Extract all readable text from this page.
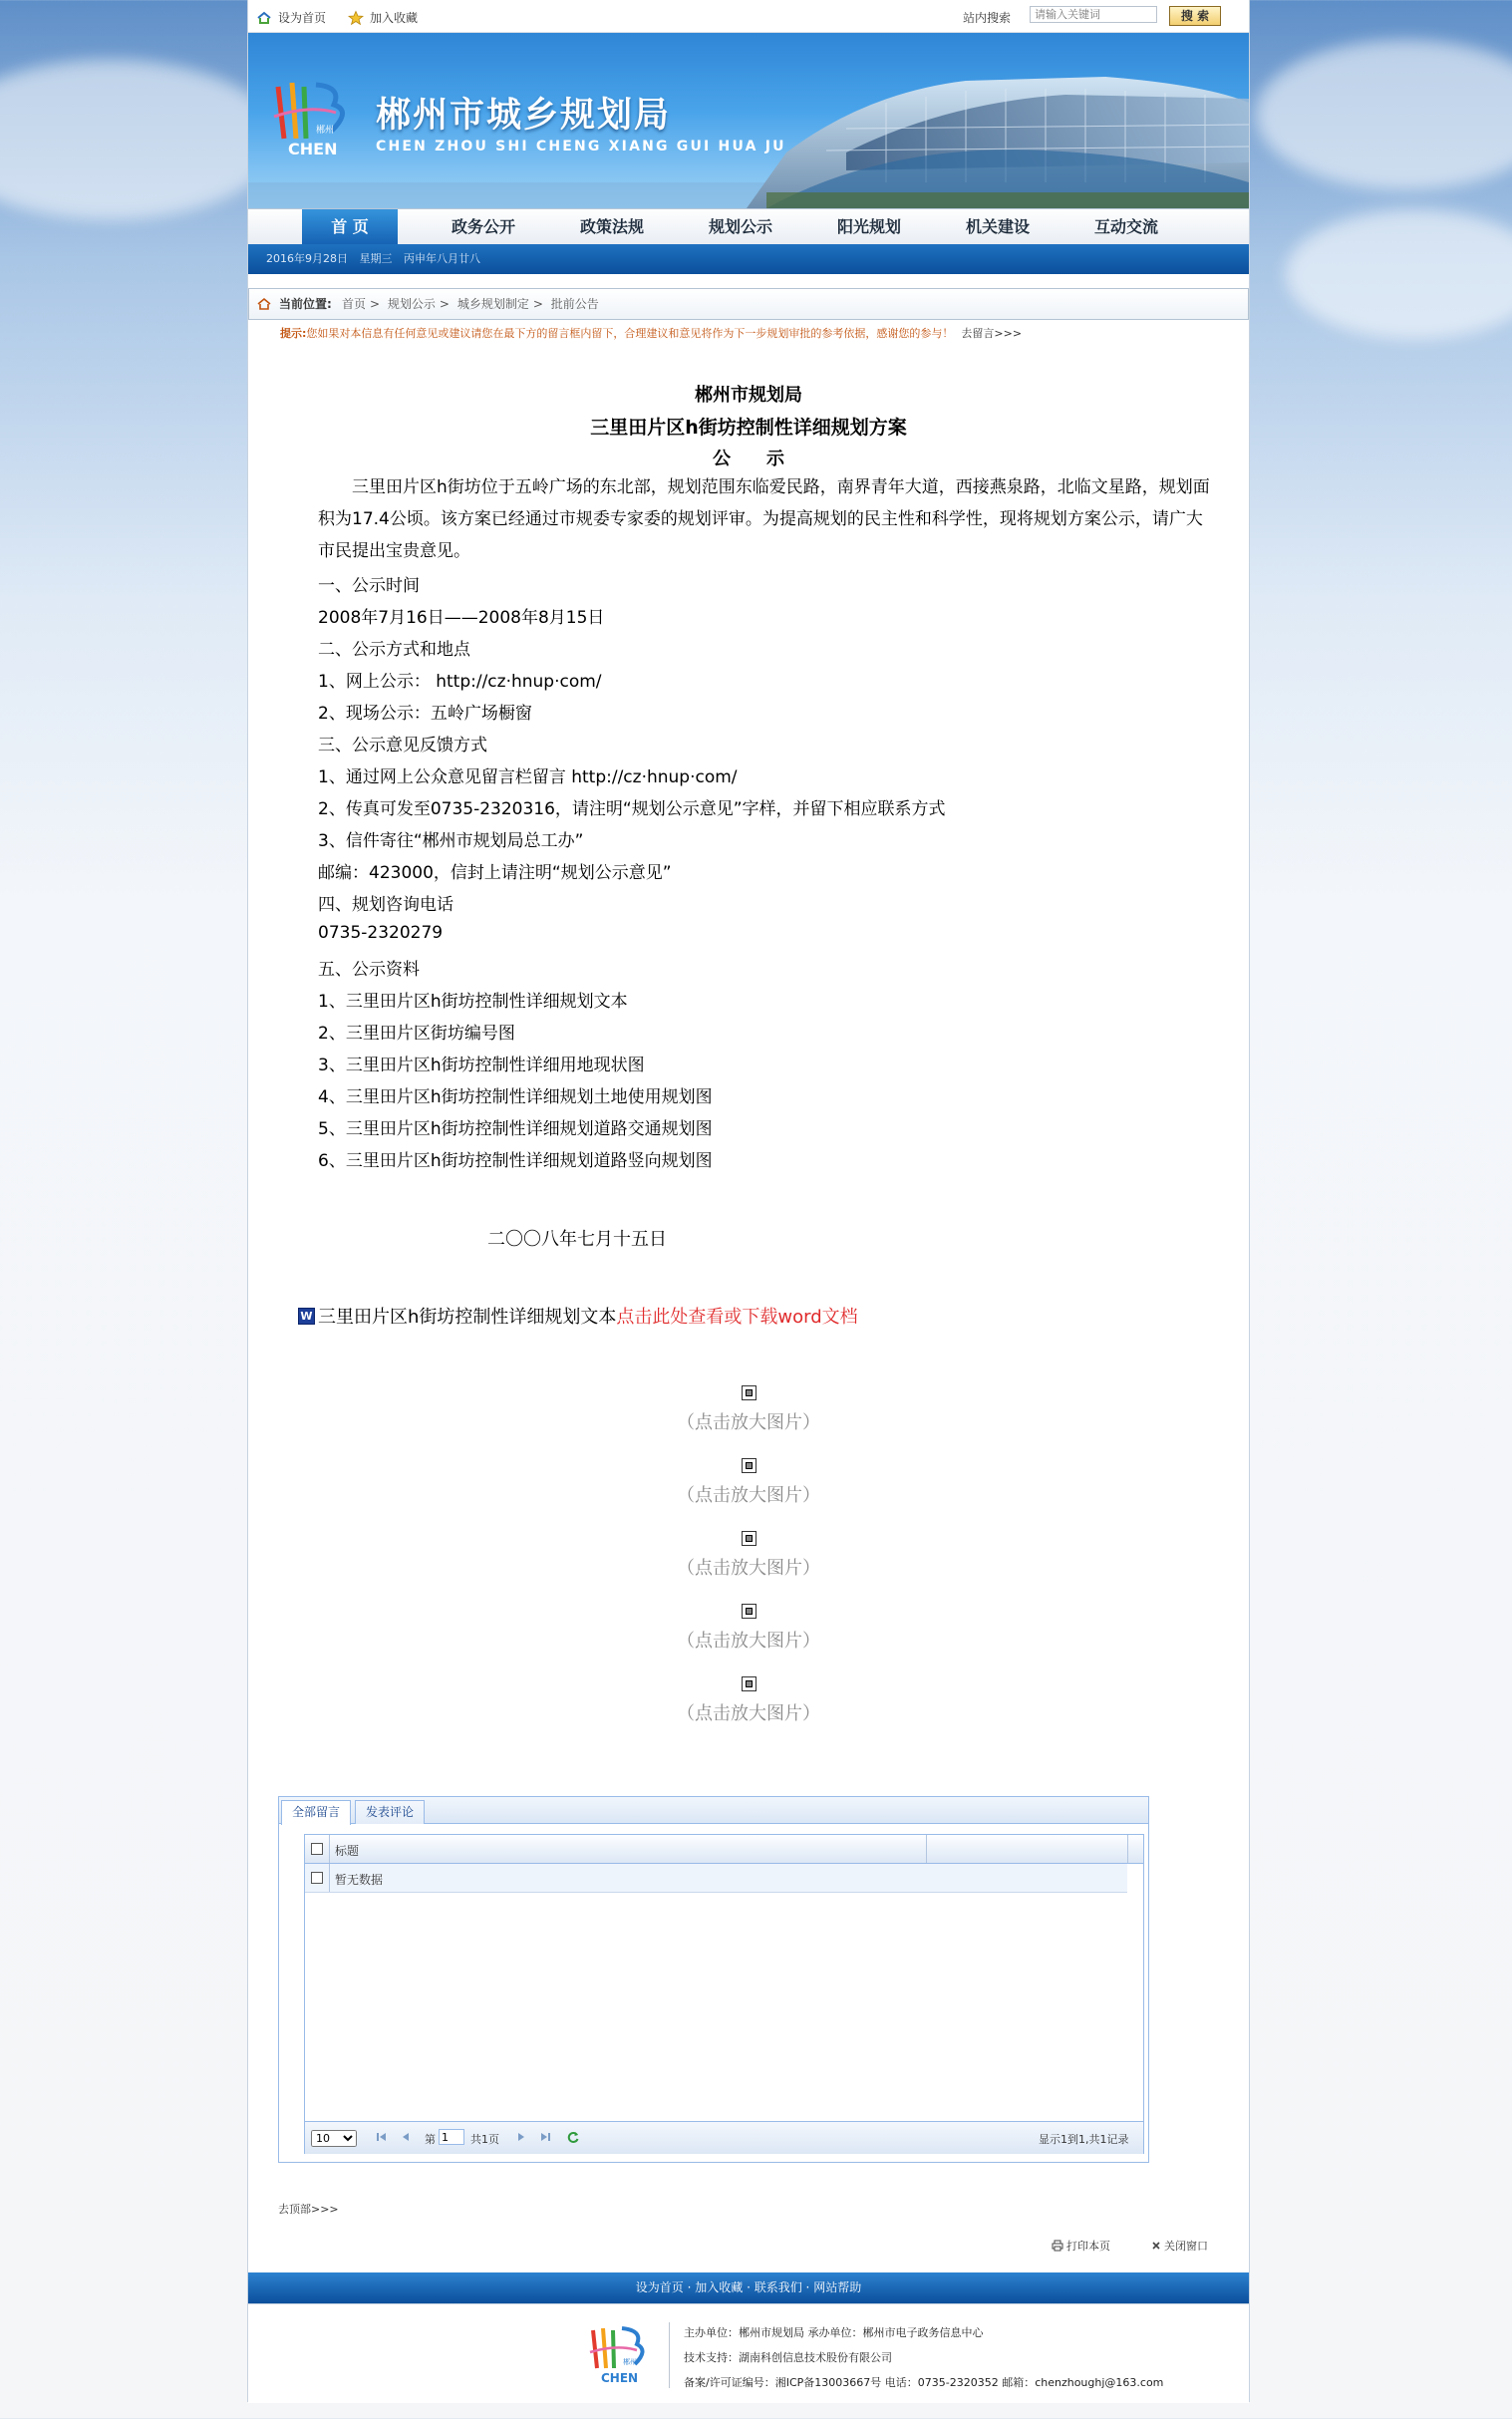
设为首页	加入收藏	站内搜索
请输入关键词	搜 索
郴州
CHEN
郴州市城乡规划局
CHEN ZHOU SHI CHENG XIANG GUI HUA JU
首 页	政务公开	政策法规	规划公示	阳光规划	机关建设	互动交流
2016年9月28日 星期三 丙申年八月廿八
当前位置: 首页 > 规划公示 > 城乡规划制定 > 批前公告
提示:您如果对本信息有任何意见或建议请您在最下方的留言框内留下，合理建议和意见将作为下一步规划审批的参考依据，感谢您的参与！ 去留言>>>
郴州市规划局
三里田片区h街坊控制性详细规划方案
公　　示
三里田片区h街坊位于五岭广场的东北部，规划范围东临爱民路，南界青年大道，西接燕泉路，北临文星路，规划面积为17.4公顷。该方案已经通过市规委专家委的规划评审。为提高规划的民主性和科学性，现将规划方案公示，请广大市民提出宝贵意见。
一、公示时间
2008年7月16日——2008年8月15日
二、公示方式和地点
1、网上公示： http://cz·hnup·com/
2、现场公示：五岭广场橱窗
三、公示意见反馈方式
1、通过网上公众意见留言栏留言 http://cz·hnup·com/
2、传真可发至0735-2320316，请注明“规划公示意见”字样，并留下相应联系方式
3、信件寄往“郴州市规划局总工办”
邮编：423000，信封上请注明“规划公示意见”
四、规划咨询电话
0735-2320279
五、公示资料
1、三里田片区h街坊控制性详细规划文本
2、三里田片区街坊编号图
3、三里田片区h街坊控制性详细用地现状图
4、三里田片区h街坊控制性详细规划土地使用规划图
5、三里田片区h街坊控制性详细规划道路交通规划图
6、三里田片区h街坊控制性详细规划道路竖向规划图
二〇〇八年七月十五日
W 三里田片区h街坊控制性详细规划文本 点击此处查看或下载word文档
（点击放大图片）
（点击放大图片）
（点击放大图片）
（点击放大图片）
（点击放大图片）
全部留言	发表评论
标题
暂无数据
10
第
1	共1页	显示1到1,共1记录
去顶部>>>
打印本页	关闭窗口
设为首页 · 加入收藏 · 联系我们 · 网站帮助
郴州
CHEN
主办单位：郴州市规划局 承办单位：郴州市电子政务信息中心
技术支持：湖南科创信息技术股份有限公司
备案/许可证编号：湘ICP备13003667号 电话：0735-2320352 邮箱：chenzhoughj@163.com
